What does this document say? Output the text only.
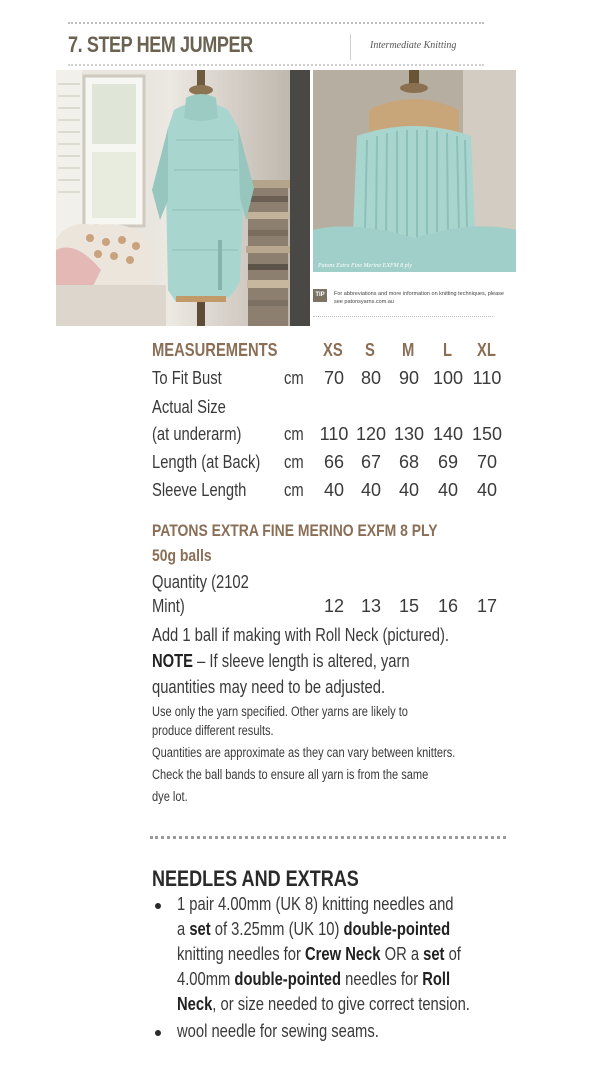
7. STEP HEM JUMPER	Intermediate Knitting
Patons Extra Fine Merino EXFM 8 ply
TIP	For abbreviations and more information on knitting techniques, please see patonsyarns.com.au
MEASUREMENTS	XS S M L XL
To Fit Bust	cm	70 80 90 100 110
Actual Size
(at underarm) cm 110 120 130 140 150
Length (at Back) cm	66 67 68	69	70
Sleeve Length cm	40 40 40	40	40
PATONS EXTRA FINE MERINO EXFM 8 PLY
50g balls
Quantity (2102
Mint)	12 13 15	16	17
Add 1 ball if making with Roll Neck (pictured).
NOTE – If sleeve length is altered, yarn
quantities may need to be adjusted.
Use only the yarn specified. Other yarns are likely to
produce different results.
Quantities are approximate as they can vary between knitters.
Check the ball bands to ensure all yarn is from the same
dye lot.
NEEDLES AND EXTRAS
1 pair 4.00mm (UK 8) knitting needles and
a set of 3.25mm (UK 10) double-pointed
knitting needles for Crew Neck OR a set of
4.00mm double-pointed needles for Roll
Neck, or size needed to give correct tension.
wool needle for sewing seams.
